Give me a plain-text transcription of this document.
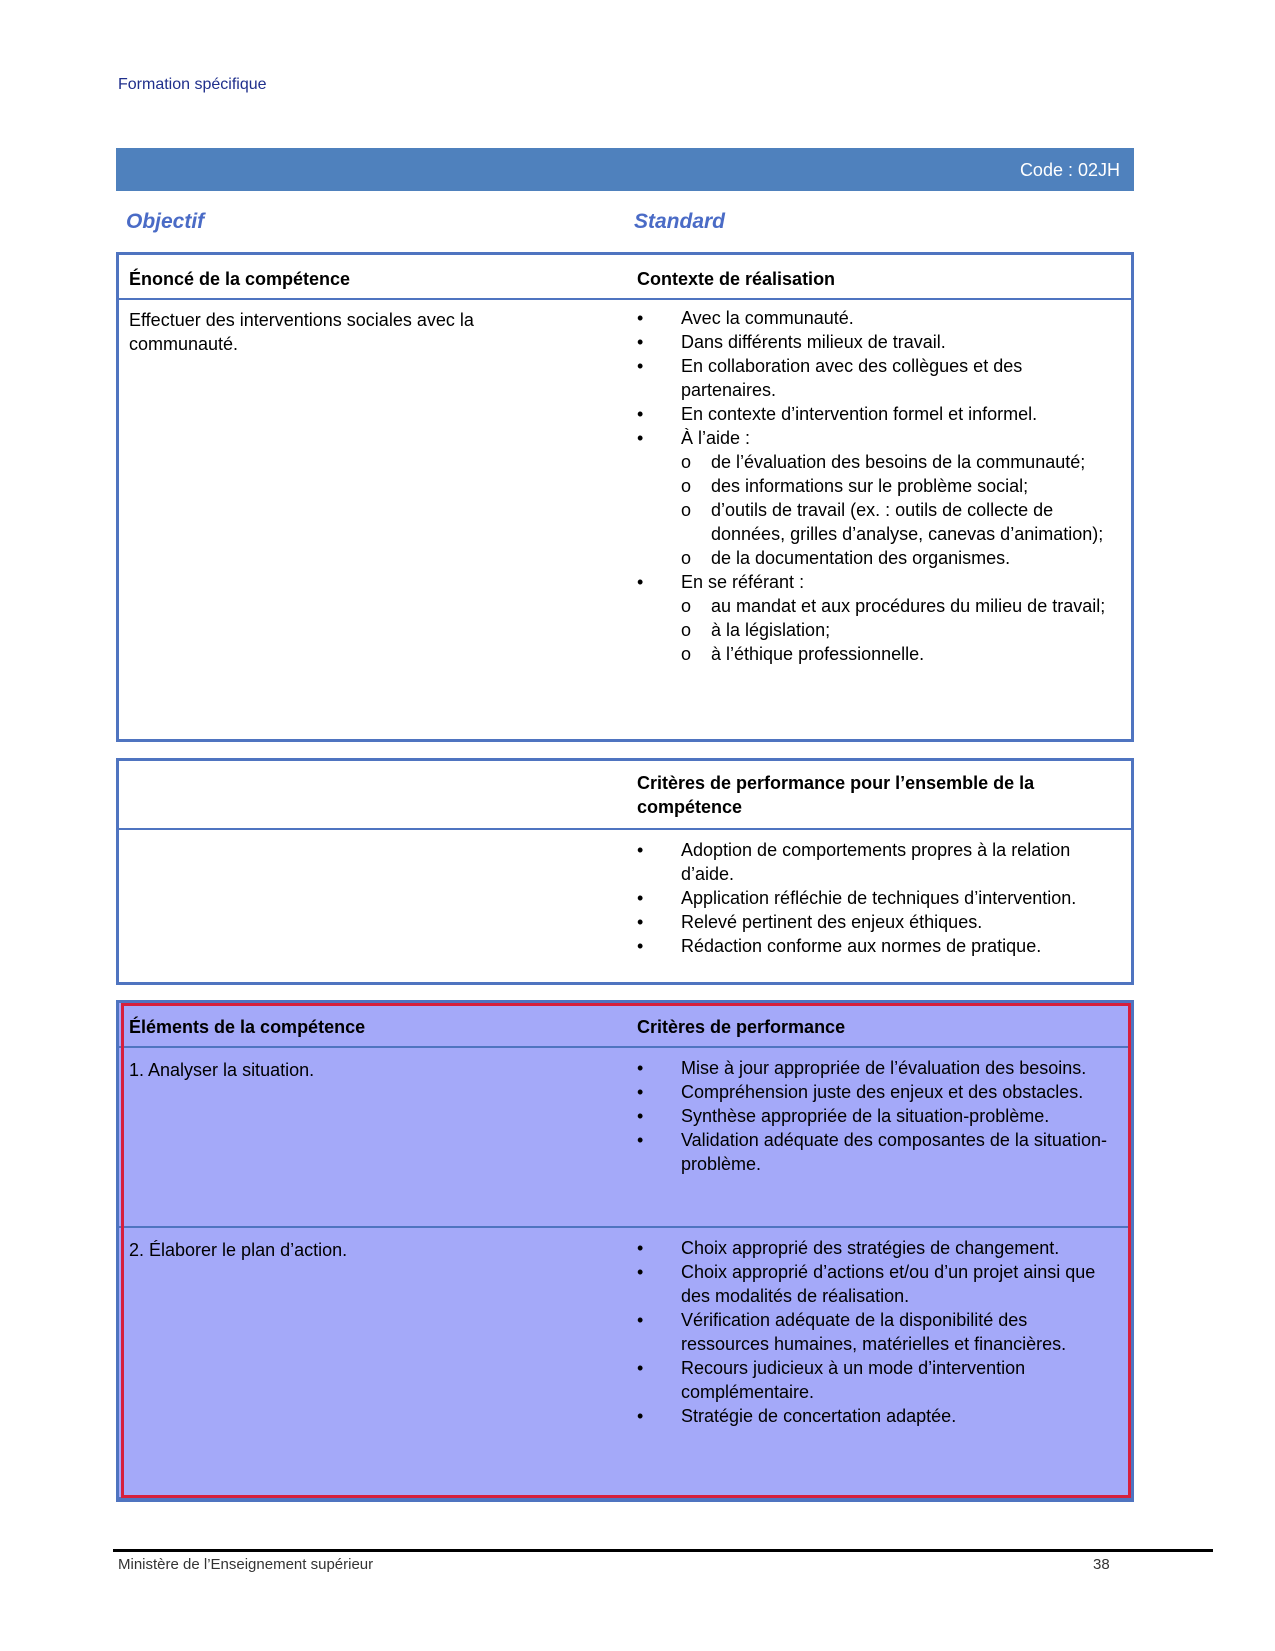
Formation spécifique
Code : 02JH
Objectif	Standard
Énoncé de la compétence	Contexte de réalisation
Effectuer des interventions sociales avec la communauté.
•	Avec la communauté.
•	Dans différents milieux de travail.
•	En collaboration avec des collègues et des partenaires.
•	En contexte d’intervention formel et informel.
•	À l’aide :
o de l’évaluation des besoins de la communauté;
o des informations sur le problème social;
o d’outils de travail (ex. : outils de collecte de données, grilles d’analyse, canevas d’animation);
o de la documentation des organismes.
•	En se référant :
o au mandat et aux procédures du milieu de travail;
o à la législation;
o à l’éthique professionnelle.
Critères de performance pour l’ensemble de la compétence
•	Adoption de comportements propres à la relation d’aide.
•	Application réfléchie de techniques d’intervention.
•	Relevé pertinent des enjeux éthiques.
•	Rédaction conforme aux normes de pratique.
Éléments de la compétence	Critères de performance
1. Analyser la situation.	•	Mise à jour appropriée de l’évaluation des besoins.
•	Compréhension juste des enjeux et des obstacles.
•	Synthèse appropriée de la situation-problème.
•	Validation adéquate des composantes de la situation-problème.
2. Élaborer le plan d’action.	•	Choix approprié des stratégies de changement.
•	Choix approprié d’actions et/ou d’un projet ainsi que des modalités de réalisation.
•	Vérification adéquate de la disponibilité des ressources humaines, matérielles et financières.
•	Recours judicieux à un mode d’intervention complémentaire.
•	Stratégie de concertation adaptée.
Ministère de l’Enseignement supérieur	38
